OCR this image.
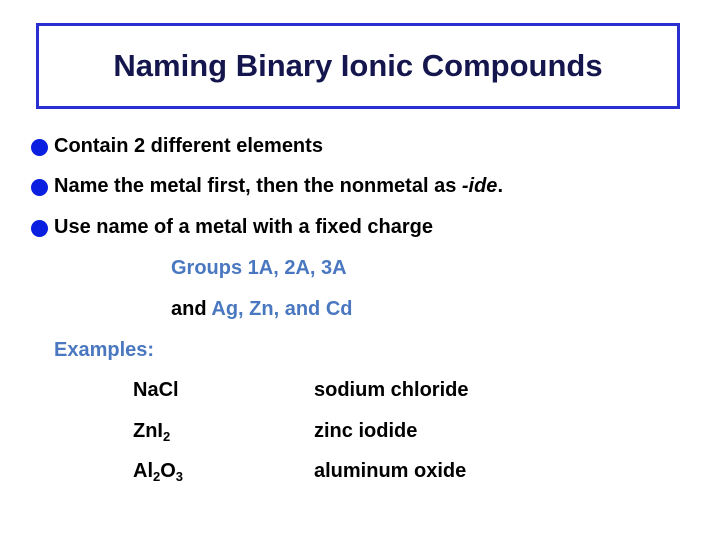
Naming Binary Ionic Compounds
Contain 2 different elements
Name the metal first, then the nonmetal as -ide.
Use name of a metal with a fixed charge
Groups 1A, 2A, 3A
and Ag, Zn, and Cd
Examples:
NaCl	sodium chloride
ZnI$_2$	zinc iodide
$Al_2O_3$	aluminum oxide
